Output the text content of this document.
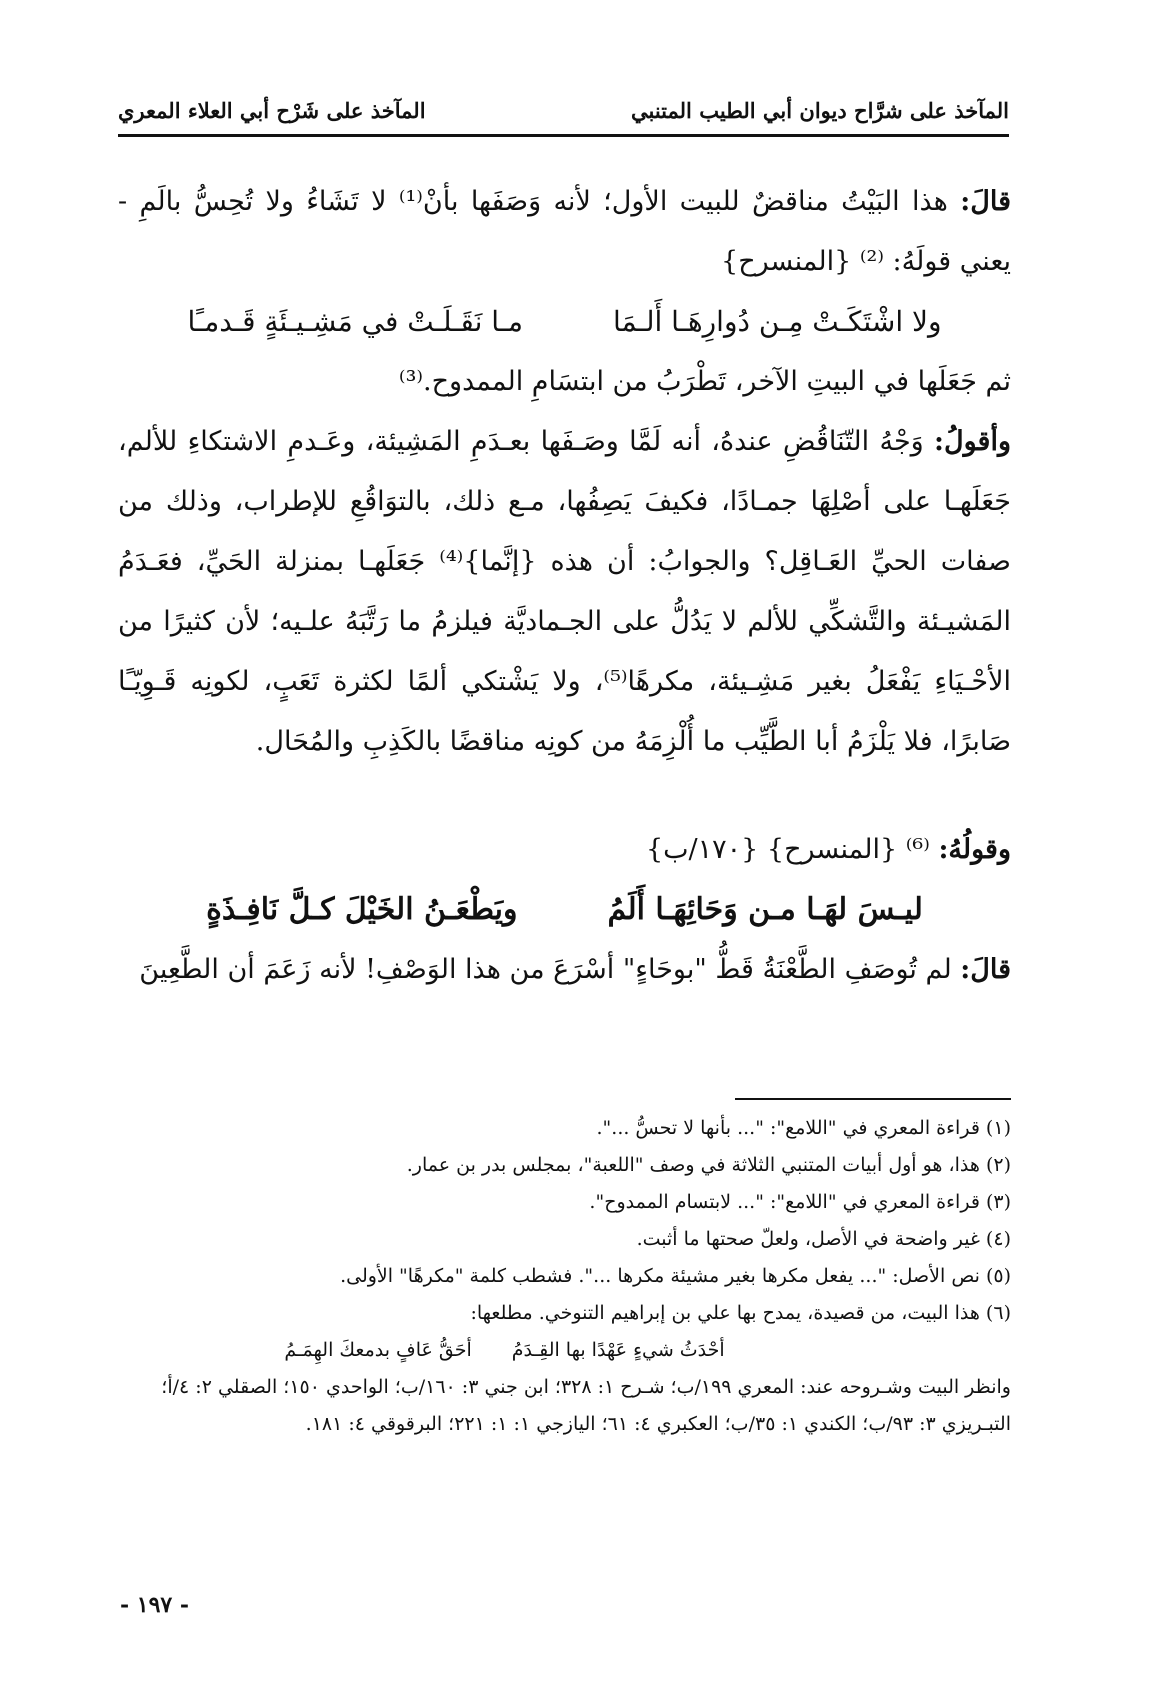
المآخذ على شرَّاح ديوان أبي الطيب المتنبي
المآخذ على شَرْح أبي العلاء المعري

قالَ: هذا البَيْتُ مناقضٌ للبيت الأول؛ لأنه وَصَفَها بأنْ⁽¹⁾ لا تَشَاءُ ولا تُحِسُّ بالَمِ - يعني قولَهُ: ⁽²⁾ {المنسرح}

مـا نَقَـلَـتْ في مَشِـيـئَةٍ قَـدمـًا	ولا اشْتَكَـتْ مِـن دُوارِهَـا أَلـمَا

ثم جَعَلَها في البيتِ الآخر، تَطْرَبُ من ابتسَامِ الممدوح.⁽³⁾

وأقولُ: وَجْهُ التّنَاقُضِ عندهُ، أنه لَمَّا وصَـفَها بعـدَمِ المَشِيئة، وعَـدمِ الاشتكاءِ للألم، جَعَلَهـا على أصْلِهَا جمـادًا، فكيفَ يَصِفُها، مـع ذلك، بالتوَاقُعِ للإطراب، وذلك من صفات الحيِّ العَـاقِل؟ والجوابُ: أن هذه {إنَّما}⁽⁴⁾ جَعَلَهـا بمنزلة الحَيِّ، فعَـدَمُ المَشيـئة والتَّشكِّي للألم لا يَدُلُّ على الجـماديَّة فيلزمُ ما رَتَّبَهُ علـيه؛ لأن كثيرًا من الأحْـيَاءِ يَفْعَلُ بغير مَشِـيئة، مكرهًا⁽⁵⁾، ولا يَشْتكي ألمًا لكثرة تَعَبٍ، لكونِه قَـوِيّـًا صَابرًا، فلا يَلْزَمُ أبا الطَّيِّب ما أُلْزِمَهُ من كونِه مناقضًا بالكَذِبِ والمُحَال.

وقولُهُ: ⁽⁶⁾ {المنسرح} {١٧٠/ب}

ويَطْعَـنُ الخَيْلَ كـلَّ نَافِـذَةٍ	ليـسَ لهَـا مـن وَحَائِهَـا أَلَمُ

قالَ: لم تُوصَفِ الطَّعْنَةُ قَطُّ "بوحَاءٍ" أسْرَعَ من هذا الوَصْفِ! لأنه زَعَمَ أن الطَّعِينَ

(١) قراءة المعري في "اللامع": "... بأنها لا تحسُّ ...".

(٢) هذا، هو أول أبيات المتنبي الثلاثة في وصف "اللعبة"، بمجلس بدر بن عمار.

(٣) قراءة المعري في "اللامع": "... لابتسام الممدوح".

(٤) غير واضحة في الأصل، ولعلّ صحتها ما أثبت.

(٥) نص الأصل: "... يفعل مكرها بغير مشيئة مكرها ...". فشطب كلمة "مكرهًا" الأولى.

(٦) هذا البيت، من قصيدة، يمدح بها علي بن إبراهيم التنوخي. مطلعها:

أحَقُّ عَافٍ بدمعكَ الهِمَـمُ أحْدَثُ شيءٍ عَهْدًا بها القِـدَمُ

وانظر البيت وشـروحه عند: المعري ١٩٩/ب؛ شـرح ١: ٣٢٨؛ ابن جني ٣: ١٦٠/ب؛ الواحدي ١٥٠؛ الصقلي ٢: ٤/أ؛ التبـريزي ٣: ٩٣/ب؛ الكندي ١: ٣٥/ب؛ العكبري ٤: ٦١؛ اليازجي ١: ١: ٢٢١؛ البرقوقي ٤: ١٨١.

- ١٩٧ -
